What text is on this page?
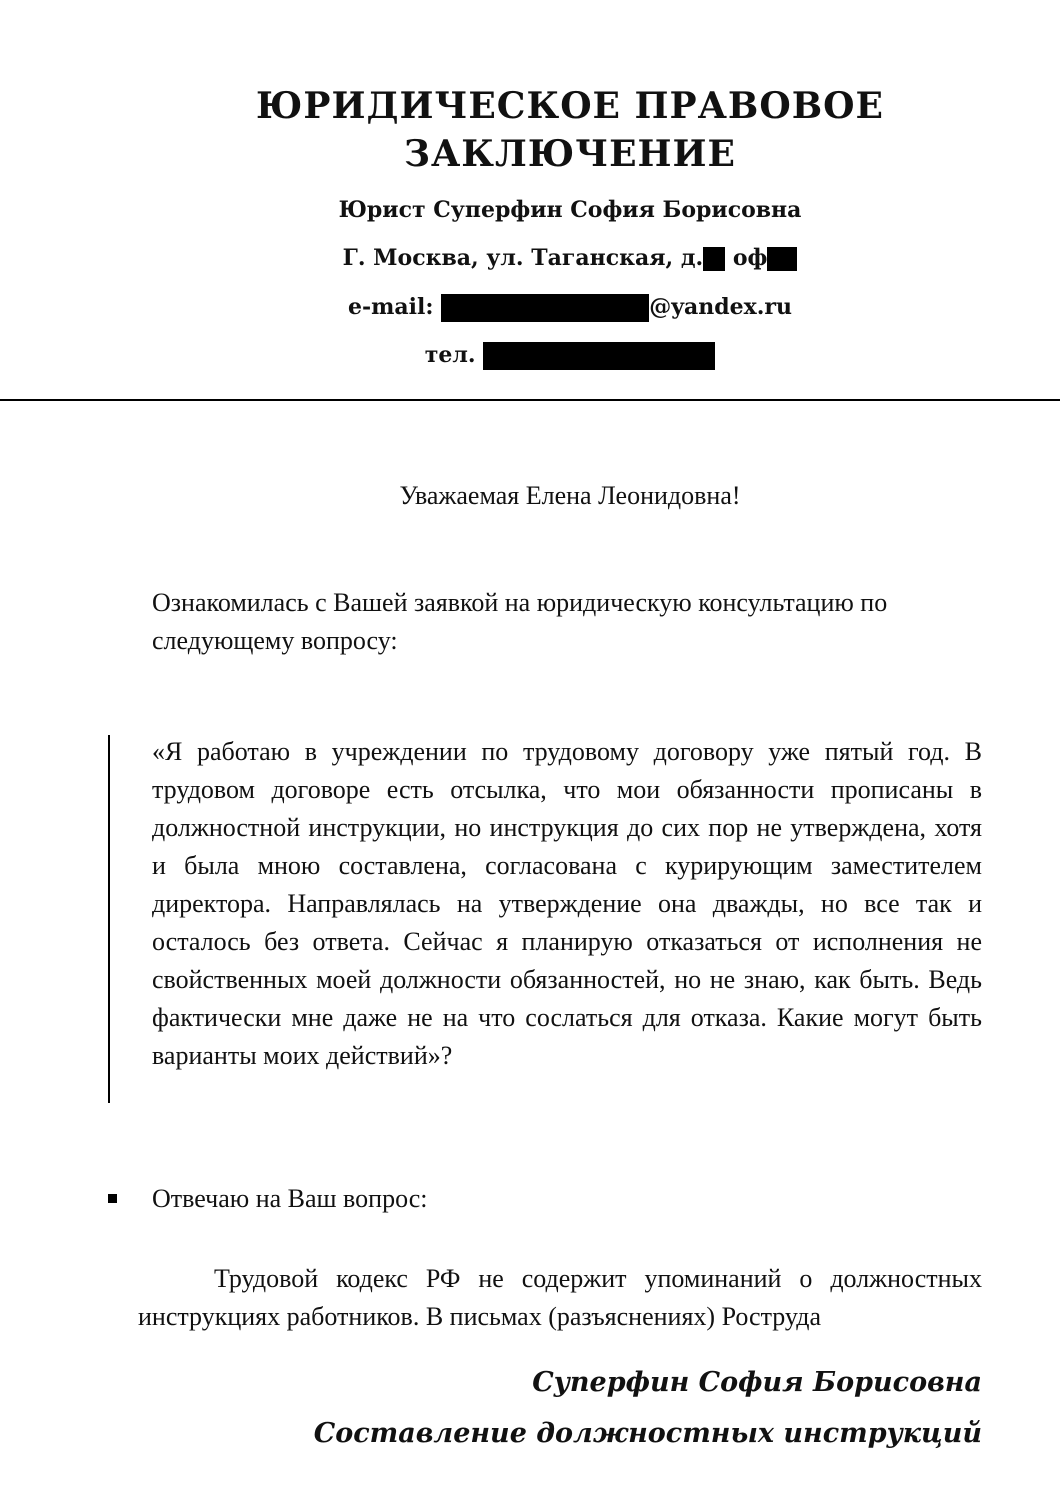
ЮРИДИЧЕСКОЕ ПРАВОВОЕ
ЗАКЛЮЧЕНИЕ
Юрист Суперфин София Борисовна
Г. Москва, ул. Таганская, д. оф
e-mail:	@yandex.ru
тел.
Уважаемая Елена Леонидовна!
Ознакомилась с Вашей заявкой на юридическую консультацию по следующему вопросу:
«Я работаю в учреждении по трудовому договору уже пятый год. В трудовом договоре есть отсылка, что мои обязанности прописаны в должностной инструкции, но инструкция до сих пор не утверждена, хотя и была мною составлена, согласована с курирующим заместителем директора. Направлялась на утверждение она дважды, но все так и осталось без ответа. Сейчас я планирую отказаться от исполнения не свойственных моей должности обязанностей, но не знаю, как быть. Ведь фактически мне даже не на что сослаться для отказа. Какие могут быть варианты моих действий»?
Отвечаю на Ваш вопрос:
Трудовой кодекс РФ не содержит упоминаний о должностных инструкциях работников. В письмах (разъяснениях) Роструда
Суперфин София Борисовна
Составление должностных инструкций
